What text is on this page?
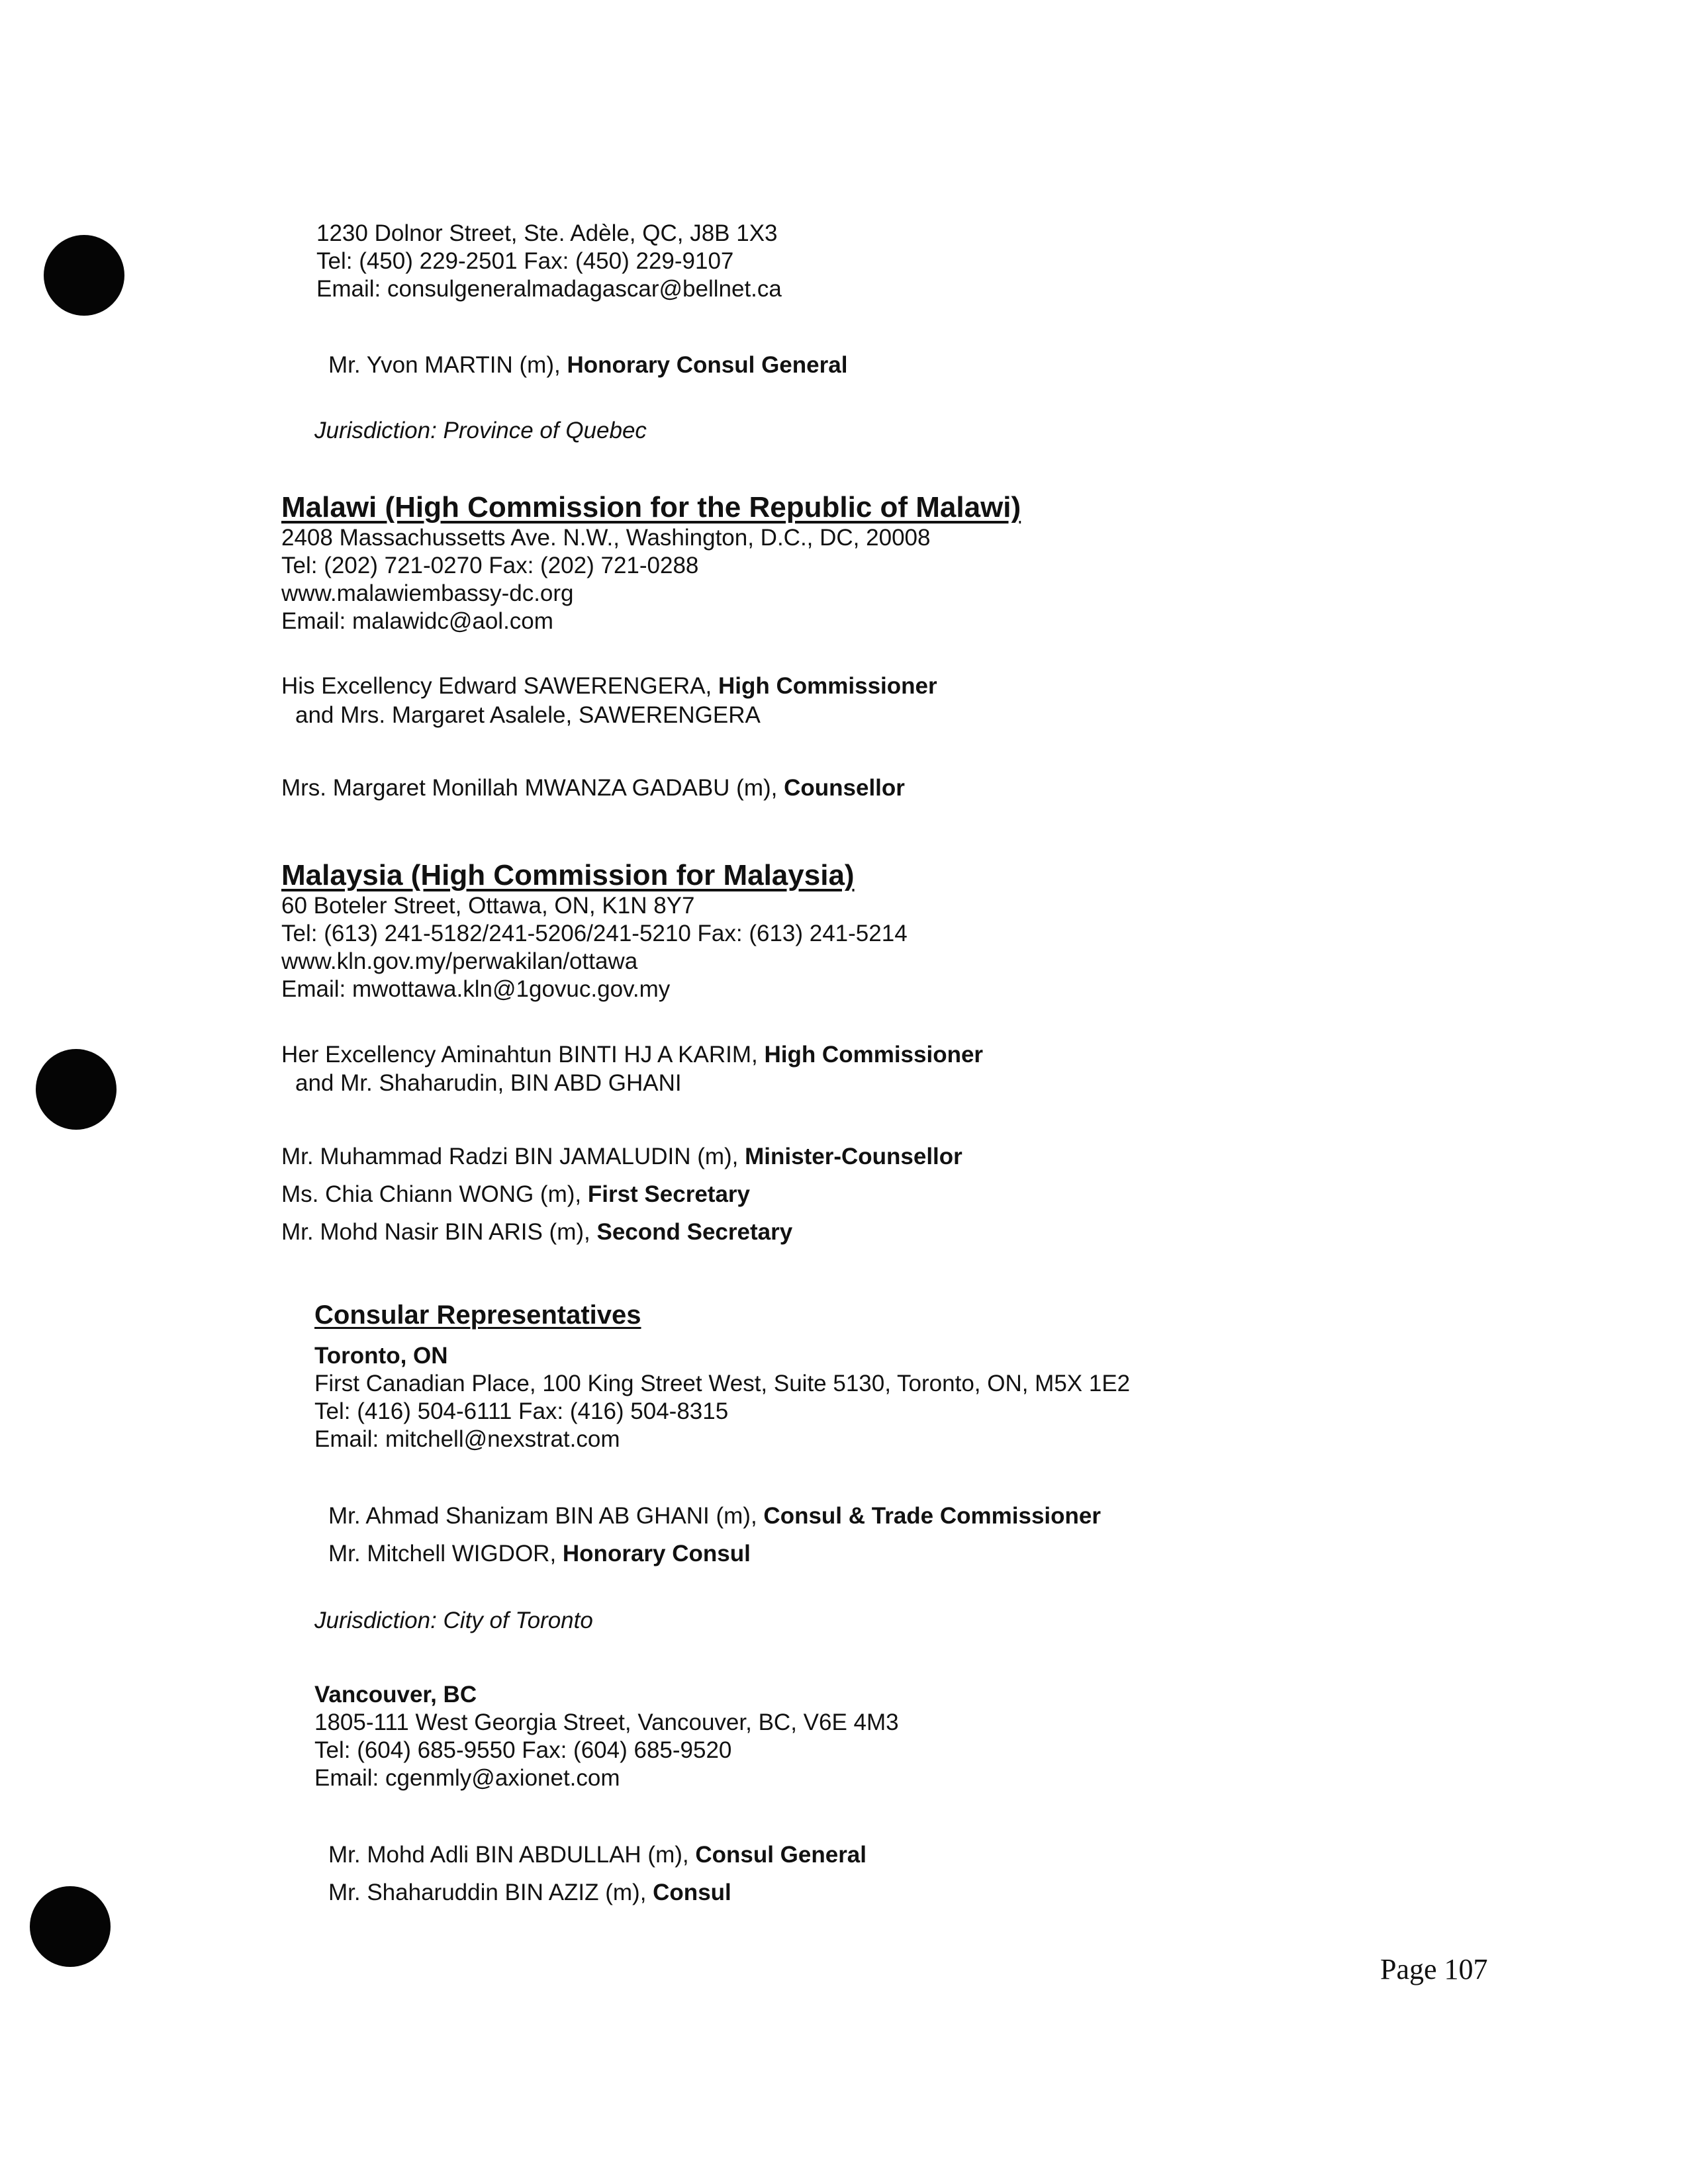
1230 Dolnor Street, Ste. Adèle, QC, J8B 1X3
Tel: (450) 229-2501 Fax: (450) 229-9107
Email: consulgeneralmadagascar@bellnet.ca
Mr. Yvon MARTIN (m), Honorary Consul General
Jurisdiction: Province of Quebec
Malawi (High Commission for the Republic of Malawi)
2408 Massachussetts Ave. N.W., Washington, D.C., DC, 20008
Tel: (202) 721-0270 Fax: (202) 721-0288
www.malawiembassy-dc.org
Email: malawidc@aol.com
His Excellency Edward SAWERENGERA, High Commissioner
and Mrs. Margaret Asalele, SAWERENGERA
Mrs. Margaret Monillah MWANZA GADABU (m), Counsellor
Malaysia (High Commission for Malaysia)
60 Boteler Street, Ottawa, ON, K1N 8Y7
Tel: (613) 241-5182/241-5206/241-5210 Fax: (613) 241-5214
www.kln.gov.my/perwakilan/ottawa
Email: mwottawa.kln@1govuc.gov.my
Her Excellency Aminahtun BINTI HJ A KARIM, High Commissioner
and Mr. Shaharudin, BIN ABD GHANI
Mr. Muhammad Radzi BIN JAMALUDIN (m), Minister-Counsellor
Ms. Chia Chiann WONG (m), First Secretary
Mr. Mohd Nasir BIN ARIS (m), Second Secretary
Consular Representatives
Toronto, ON
First Canadian Place, 100 King Street West, Suite 5130, Toronto, ON, M5X 1E2
Tel: (416) 504-6111 Fax: (416) 504-8315
Email: mitchell@nexstrat.com
Mr. Ahmad Shanizam BIN AB GHANI (m), Consul & Trade Commissioner
Mr. Mitchell WIGDOR, Honorary Consul
Jurisdiction: City of Toronto
Vancouver, BC
1805-111 West Georgia Street, Vancouver, BC, V6E 4M3
Tel: (604) 685-9550 Fax: (604) 685-9520
Email: cgenmly@axionet.com
Mr. Mohd Adli BIN ABDULLAH (m), Consul General
Mr. Shaharuddin BIN AZIZ (m), Consul
Page 107
